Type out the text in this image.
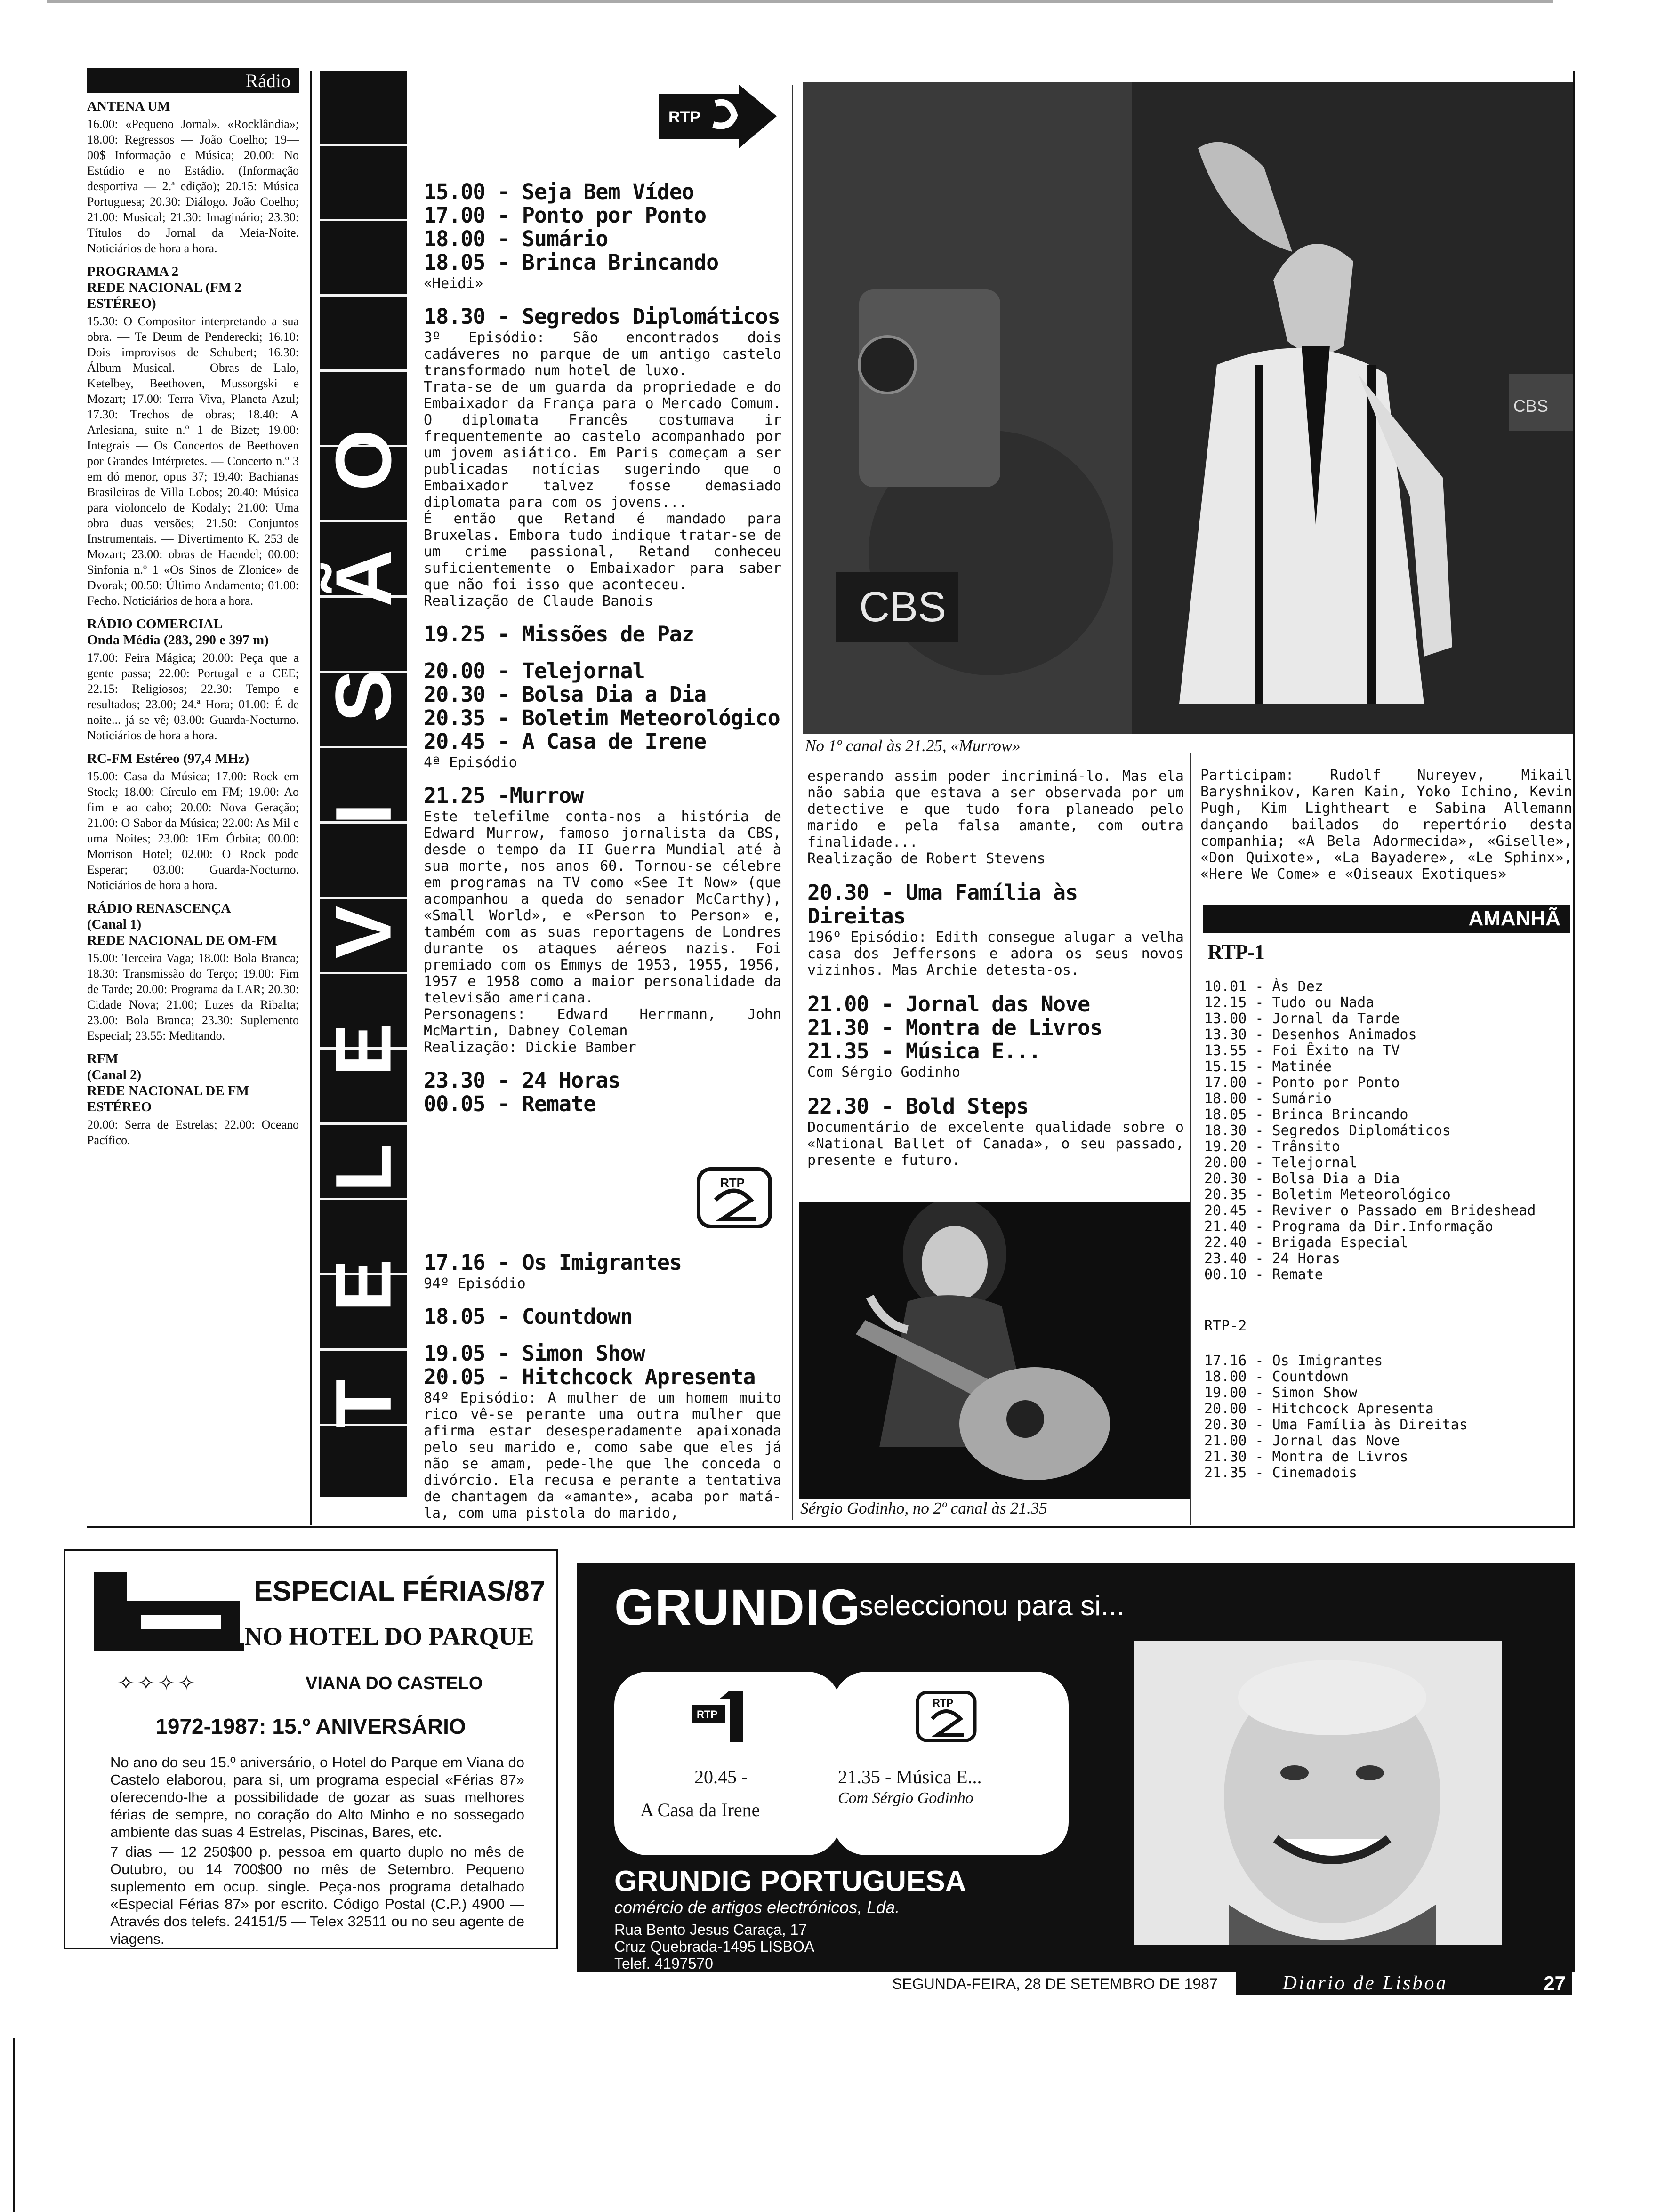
Rádio
ANTENA UM
16.00: «Pequeno Jornal». «Rocklândia»; 18.00: Regressos — João Coelho; 19—00$ Informação e Música; 20.00: No Estúdio e no Estádio. (Informação desportiva — 2.ª edição); 20.15: Música Portuguesa; 20.30: Diálogo. João Coelho; 21.00: Musical; 21.30: Imaginário; 23.30: Títulos do Jornal da Meia-Noite. Noticiários de hora a hora.
PROGRAMA 2
REDE NACIONAL (FM 2 ESTÉREO)
15.30: O Compositor interpretando a sua obra. — Te Deum de Penderecki; 16.10: Dois improvisos de Schubert; 16.30: Álbum Musical. — Obras de Lalo, Ketelbey, Beethoven, Mussorgski e Mozart; 17.00: Terra Viva, Planeta Azul; 17.30: Trechos de obras; 18.40: A Arlesiana, suite n.º 1 de Bizet; 19.00: Integrais — Os Concertos de Beethoven por Grandes Intérpretes. — Concerto n.º 3 em dó menor, opus 37; 19.40: Bachianas Brasileiras de Villa Lobos; 20.40: Música para violoncelo de Kodaly; 21.00: Uma obra duas versões; 21.50: Conjuntos Instrumentais. — Divertimento K. 253 de Mozart; 23.00: obras de Haendel; 00.00: Sinfonia n.º 1 «Os Sinos de Zlonice» de Dvorak; 00.50: Último Andamento; 01.00: Fecho. Noticiários de hora a hora.
RÁDIO COMERCIAL
Onda Média (283, 290 e 397 m)
17.00: Feira Mágica; 20.00: Peça que a gente passa; 22.00: Portugal e a CEE; 22.15: Religiosos; 22.30: Tempo e resultados; 23.00; 24.ª Hora; 01.00: É de noite... já se vê; 03.00: Guarda-Nocturno. Noticiários de hora a hora.
RC-FM Estéreo (97,4 MHz)
15.00: Casa da Música; 17.00: Rock em Stock; 18.00: Círculo em FM; 19.00: Ao fim e ao cabo; 20.00: Nova Geração; 21.00: O Sabor da Música; 22.00: As Mil e uma Noites; 23.00: 1Em Órbita; 00.00: Morrison Hotel; 02.00: O Rock pode Esperar; 03.00: Guarda-Nocturno. Noticiários de hora a hora.
RÁDIO RENASCENÇA
(Canal 1)
REDE NACIONAL DE OM-FM
15.00: Terceira Vaga; 18.00: Bola Branca; 18.30: Transmissão do Terço; 19.00: Fim de Tarde; 20.00: Programa da LAR; 20.30: Cidade Nova; 21.00; Luzes da Ribalta; 23.00: Bola Branca; 23.30: Suplemento Especial; 23.55: Meditando.
RFM
(Canal 2)
REDE NACIONAL DE FM ESTÉREO
20.00: Serra de Estrelas; 22.00: Oceano Pacífico.
O
Ã
S
I
V
E
L
E
T
RTP
15.00 - Seja Bem Vídeo
17.00 - Ponto por Ponto
18.00 - Sumário
18.05 - Brinca Brincando
«Heidi»
18.30 - Segredos Diplomáticos
3º Episódio: São encontrados dois cadáveres no parque de um antigo castelo transformado num hotel de luxo.
Trata-se de um guarda da propriedade e do Embaixador da França para o Mercado Comum. O diplomata Francês costumava ir frequentemente ao castelo acompanhado por um jovem asiático. Em Paris começam a ser publicadas notícias sugerindo que o Embaixador talvez fosse demasiado diplomata para com os jovens...
É então que Retand é mandado para Bruxelas. Embora tudo indique tratar-se de um crime passional, Retand conheceu suficientemente o Embaixador para saber que não foi isso que aconteceu.
Realização de Claude Banois
19.25 - Missões de Paz
20.00 - Telejornal
20.30 - Bolsa Dia a Dia
20.35 - Boletim Meteorológico
20.45 - A Casa de Irene
4ª Episódio
21.25 -Murrow
Este telefilme conta-nos a história de Edward Murrow, famoso jornalista da CBS, desde o tempo da II Guerra Mundial até à sua morte, nos anos 60. Tornou-se célebre em programas na TV como «See It Now» (que acompanhou a queda do senador McCarthy), «Small World», e «Person to Person» e, também com as suas reportagens de Londres durante os ataques aéreos nazis. Foi premiado com os Emmys de 1953, 1955, 1956, 1957 e 1958 como a maior personalidade da televisão americana.
Personagens: Edward Herrmann, John McMartin, Dabney Coleman
Realização: Dickie Bamber
23.30 - 24 Horas
00.05 - Remate
RTP
17.16 - Os Imigrantes
94º Episódio
18.05 - Countdown
19.05 - Simon Show
20.05 - Hitchcock Apresenta
84º Episódio: A mulher de um homem muito rico vê-se perante uma outra mulher que afirma estar desesperadamente apaixonada pelo seu marido e, como sabe que eles já não se amam, pede-lhe que lhe conceda o divórcio. Ela recusa e perante a tentativa de chantagem da «amante», acaba por matá-la, com uma pistola do marido,
CBS
CBS
No 1º canal às 21.25, «Murrow»
esperando assim poder incriminá-lo. Mas ela não sabia que estava a ser observada por um detective e que tudo fora planeado pelo marido e pela falsa amante, com outra finalidade...
Realização de Robert Stevens
20.30 - Uma Família às Direitas
196º Episódio: Edith consegue alugar a velha casa dos Jeffersons e adora os seus novos vizinhos. Mas Archie detesta-os.
21.00 - Jornal das Nove
21.30 - Montra de Livros
21.35 - Música E...
Com Sérgio Godinho
22.30 - Bold Steps
Documentário de excelente qualidade sobre o «National Ballet of Canada», o seu passado, presente e futuro.
Sérgio Godinho, no 2º canal às 21.35
Participam: Rudolf Nureyev, Mikail Baryshnikov, Karen Kain, Yoko Ichino, Kevin Pugh, Kim Lightheart e Sabina Allemann dançando bailados do repertório desta companhia; «A Bela Adormecida», «Giselle», «Don Quixote», «La Bayadere», «Le Sphinx», «Here We Come» e «Oiseaux Exotiques»
AMANHÃ
RTP-1
10.01 - Às Dez
12.15 - Tudo ou Nada
13.00 - Jornal da Tarde
13.30 - Desenhos Animados
13.55 - Foi Êxito na TV
15.15 - Matinée
17.00 - Ponto por Ponto
18.00 - Sumário
18.05 - Brinca Brincando
18.30 - Segredos Diplomáticos
19.20 - Trânsito
20.00 - Telejornal
20.30 - Bolsa Dia a Dia
20.35 - Boletim Meteorológico
20.45 - Reviver o Passado em Brideshead
21.40 - Programa da Dir.Informação
22.40 - Brigada Especial
23.40 - 24 Horas
00.10 - Remate
RTP-2
17.16 - Os Imigrantes
18.00 - Countdown
19.00 - Simon Show
20.00 - Hitchcock Apresenta
20.30 - Uma Família às Direitas
21.00 - Jornal das Nove
21.30 - Montra de Livros
21.35 - Cinemadois
ESPECIAL FÉRIAS/87
NO HOTEL DO PARQUE
✧✧✧✧	VIANA DO CASTELO
1972-1987: 15.º ANIVERSÁRIO
No ano do seu 15.º aniversário, o Hotel do Parque em Viana do Castelo elaborou, para si, um programa especial «Férias 87» oferecendo-lhe a possibilidade de gozar as suas melhores férias de sempre, no coração do Alto Minho e no sossegado ambiente das suas 4 Estrelas, Piscinas, Bares, etc.
7 dias — 12 250$00 p. pessoa em quarto duplo no mês de Outubro, ou 14 700$00 no mês de Setembro. Pequeno suplemento em ocup. single. Peça-nos programa detalhado «Especial Férias 87» por escrito. Código Postal (C.P.) 4900 — Através dos telefs. 24151/5 — Telex 32511 ou no seu agente de viagens.
GRUNDIG
seleccionou para si...
RTP
20.45 -
A Casa da Irene
RTP
21.35 - Música E...
Com Sérgio Godinho
GRUNDIG PORTUGUESA
comércio de artigos electrónicos, Lda.
Rua Bento Jesus Caraça, 17
Cruz Quebrada-1495 LISBOA
Telef. 4197570
SEGUNDA-FEIRA, 28 DE SETEMBRO DE 1987	Diario de Lisboa	27
